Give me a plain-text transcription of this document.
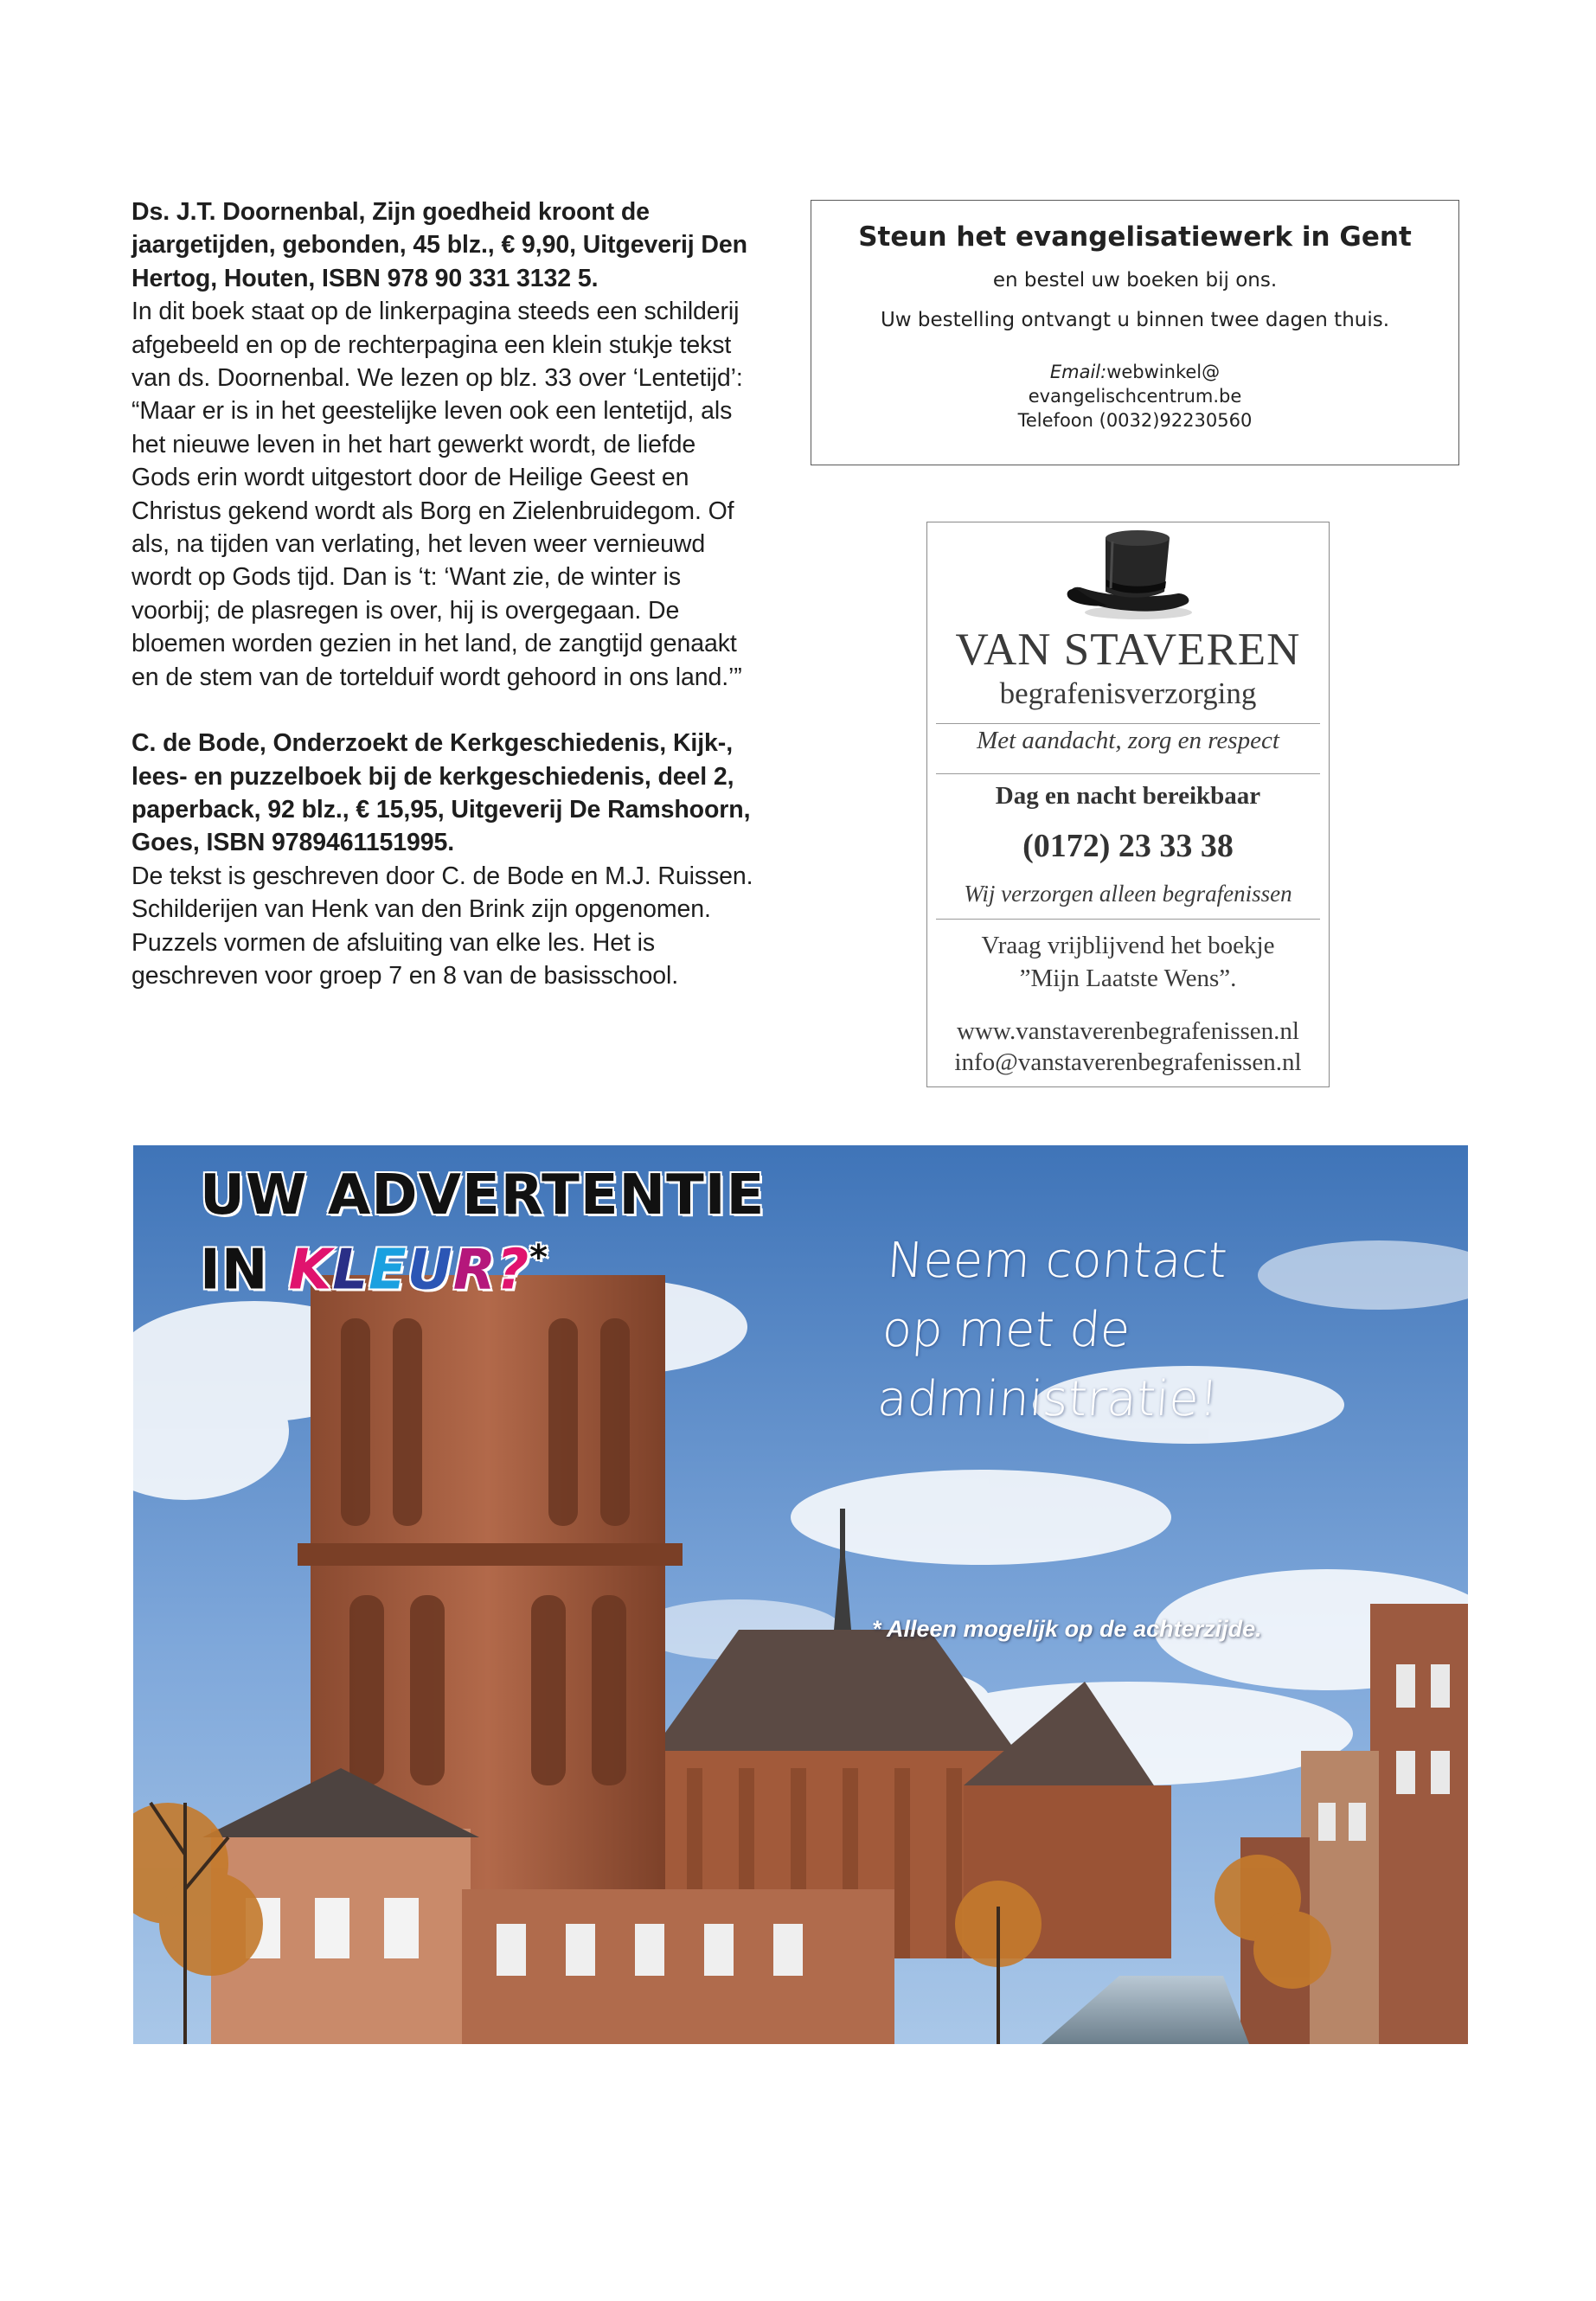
Ds. J.T. Doornenbal, Zijn goedheid kroont de jaargetijden, gebonden, 45 blz., € 9,90, Uitgeverij Den Hertog, Houten, ISBN 978 90 331 3132 5.
In dit boek staat op de linkerpagina steeds een schilderij afgebeeld en op de rechterpagina een klein stukje tekst van ds. Doornenbal. We lezen op blz. 33 over ‘Lentetijd’: “Maar er is in het geestelijke leven ook een lentetijd, als het nieuwe leven in het hart gewerkt wordt, de liefde Gods erin wordt uitgestort door de Heilige Geest en Christus gekend wordt als Borg en Zielenbruidegom. Of als, na tijden van verlating, het leven weer vernieuwd wordt op Gods tijd. Dan is ‘t: ‘Want zie, de winter is voorbij; de plasregen is over, hij is overgegaan. De bloemen worden gezien in het land, de zangtijd genaakt en de stem van de tortelduif wordt gehoord in ons land.’”

C. de Bode, Onderzoekt de Kerkgeschiedenis, Kijk-, lees- en puzzelboek bij de kerkgeschiedenis, deel 2, paperback, 92 blz., € 15,95, Uitgeverij De Ramshoorn, Goes, ISBN 9789461151995.
De tekst is geschreven door C. de Bode en M.J. Ruissen. Schilderijen van Henk van den Brink zijn opgenomen. Puzzels vormen de afsluiting van elke les. Het is geschreven voor groep 7 en 8 van de basisschool.

Steun het evangelisatiewerk in Gent
en bestel uw boeken bij ons.
Uw bestelling ontvangt u binnen twee dagen thuis.
Email:webwinkel@
evangelischcentrum.be
Telefoon (0032)92230560
VAN STAVEREN
begrafenisverzorging
Met aandacht, zorg en respect
Dag en nacht bereikbaar
(0172) 23 33 38
Wij verzorgen alleen begrafenissen
Vraag vrijblijvend het boekje
”Mijn Laatste Wens”.
www.vanstaverenbegrafenissen.nl
info@vanstaverenbegrafenissen.nl
UW ADVERTENTIE
IN KLEUR?*	Neem contact
op met de
administratie!
* Alleen mogelijk op de achterzijde.
